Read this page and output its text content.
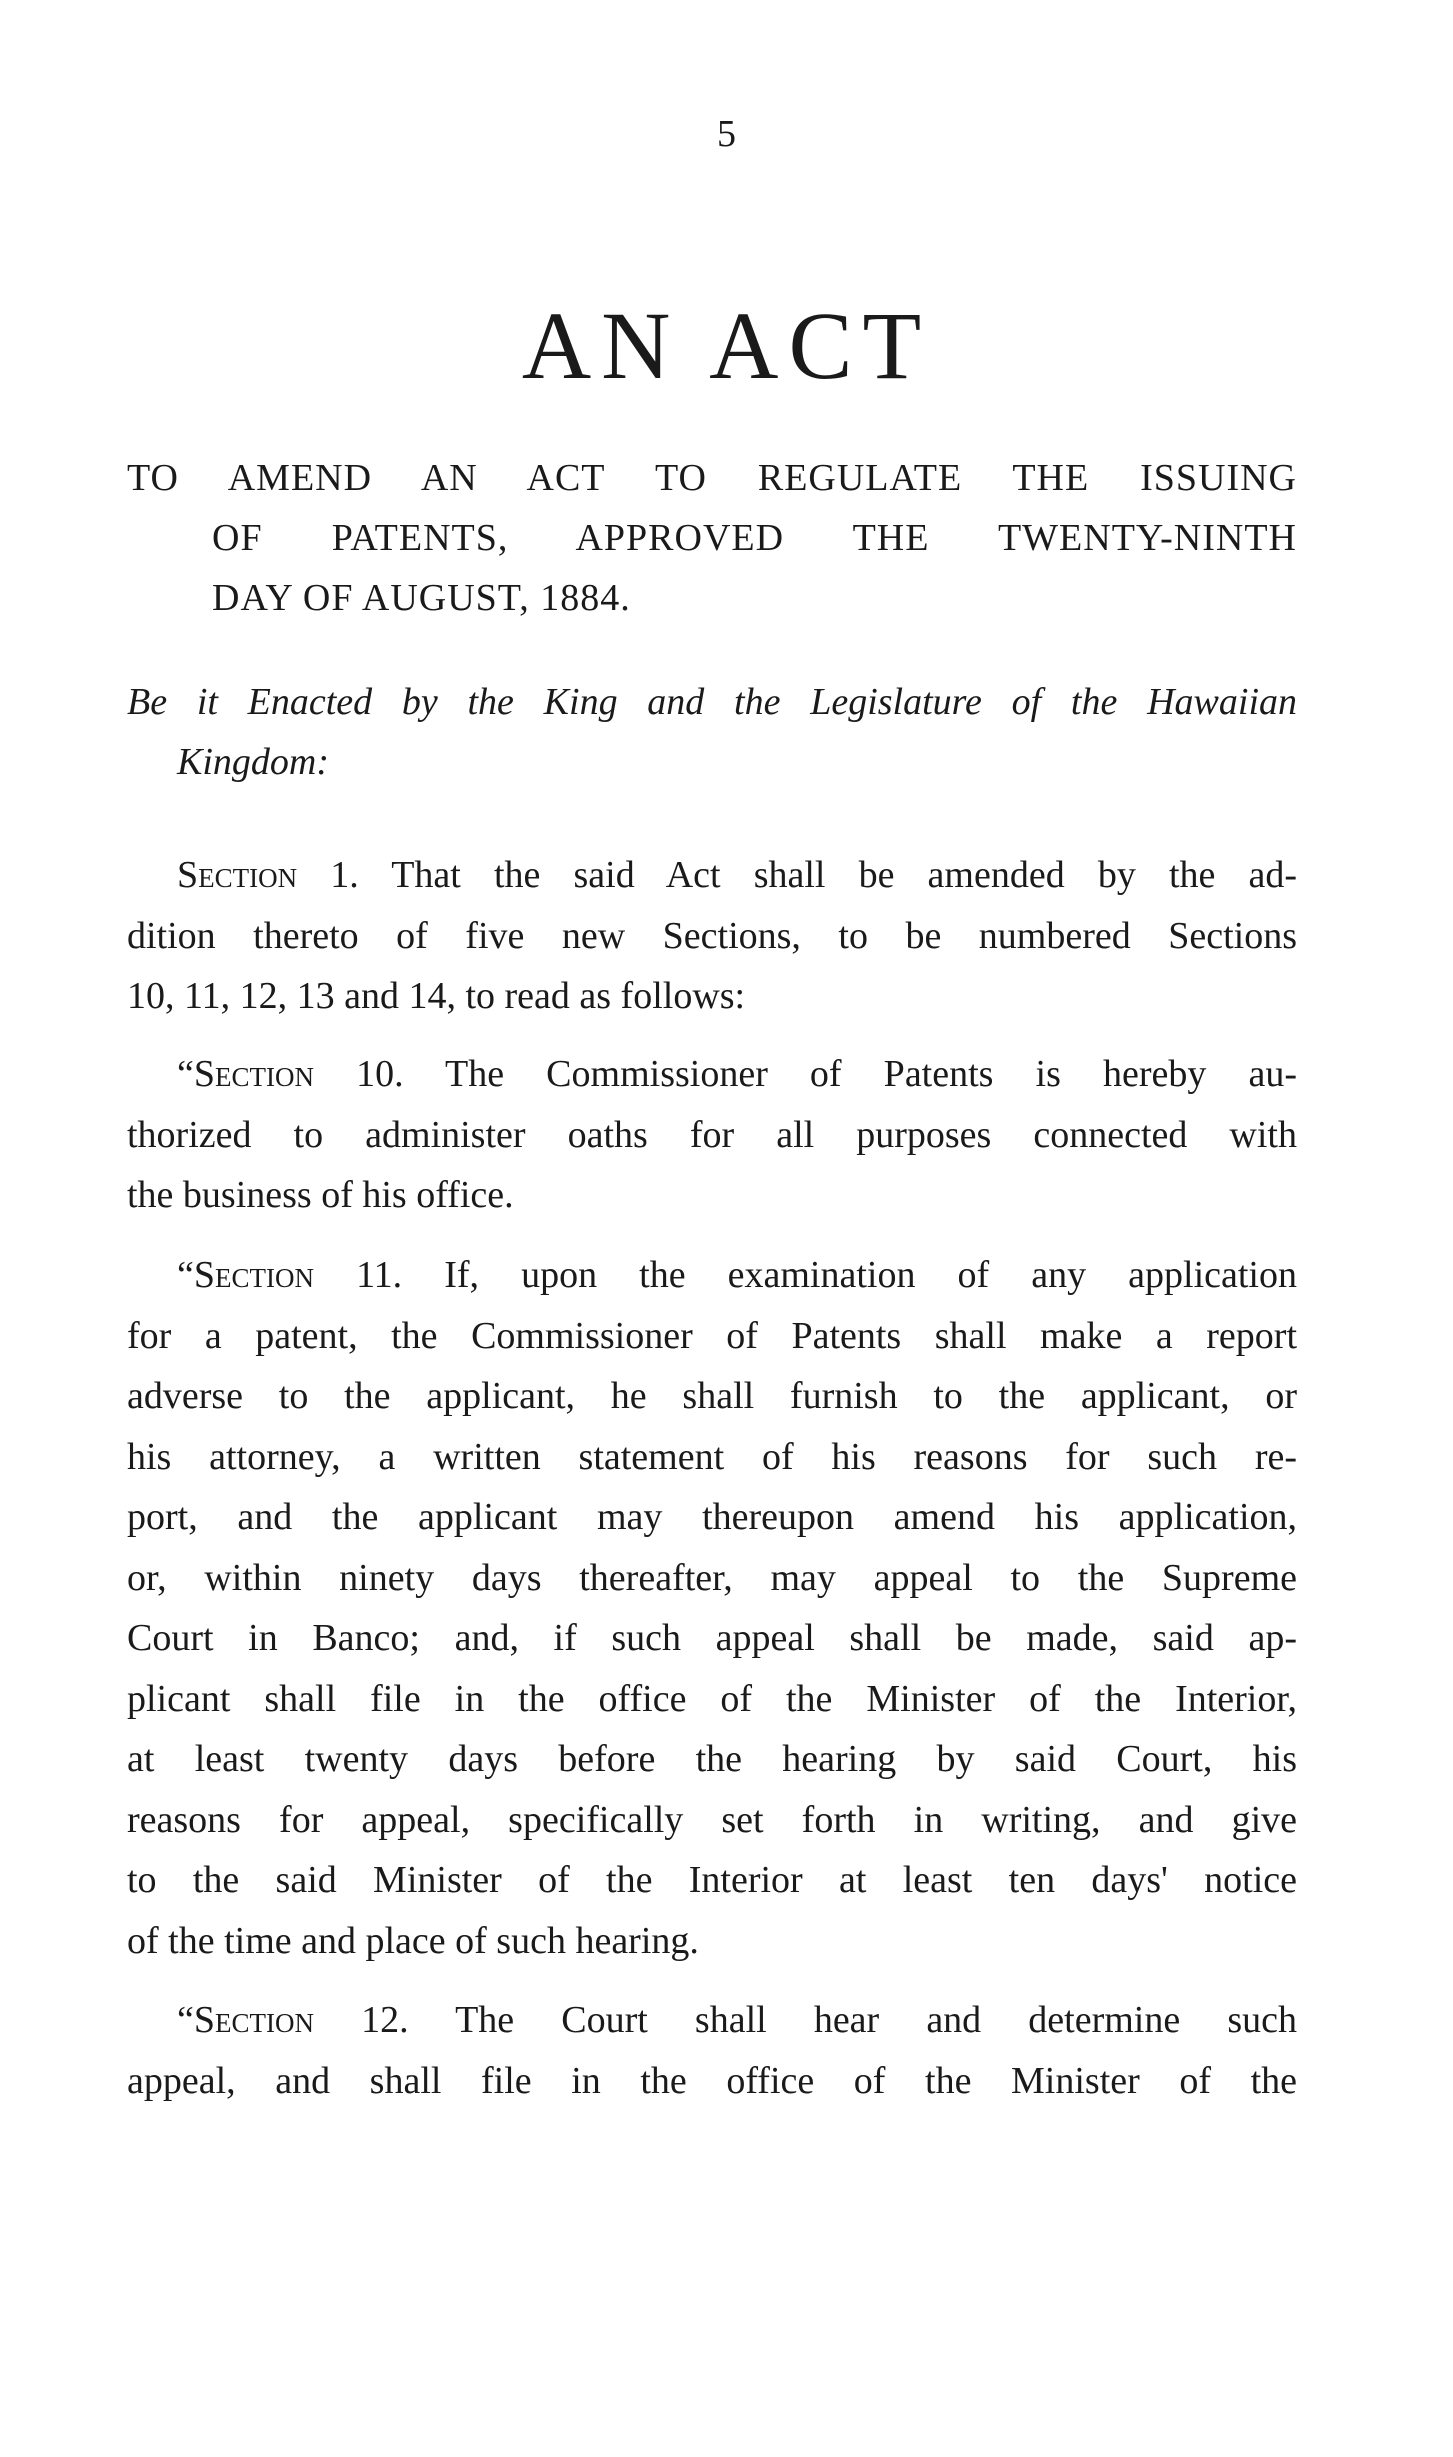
5
AN ACT
TO AMEND AN ACT TO REGULATE THE ISSUING
OF PATENTS, APPROVED THE TWENTY-NINTH
DAY OF AUGUST, 1884.
Be it Enacted by the King and the Legislature of the Hawaiian
Kingdom:
Section 1. That the said Act shall be amended by the ad-
dition thereto of five new Sections, to be numbered Sections
10, 11, 12, 13 and 14, to read as follows:
“Section 10. The Commissioner of Patents is hereby au-
thorized to administer oaths for all purposes connected with
the business of his office.
“Section 11. If, upon the examination of any application
for a patent, the Commissioner of Patents shall make a report
adverse to the applicant, he shall furnish to the applicant, or
his attorney, a written statement of his reasons for such re-
port, and the applicant may thereupon amend his application,
or, within ninety days thereafter, may appeal to the Supreme
Court in Banco; and, if such appeal shall be made, said ap-
plicant shall file in the office of the Minister of the Interior,
at least twenty days before the hearing by said Court, his
reasons for appeal, specifically set forth in writing, and give
to the said Minister of the Interior at least ten days' notice
of the time and place of such hearing.
“Section 12. The Court shall hear and determine such
appeal, and shall file in the office of the Minister of the
